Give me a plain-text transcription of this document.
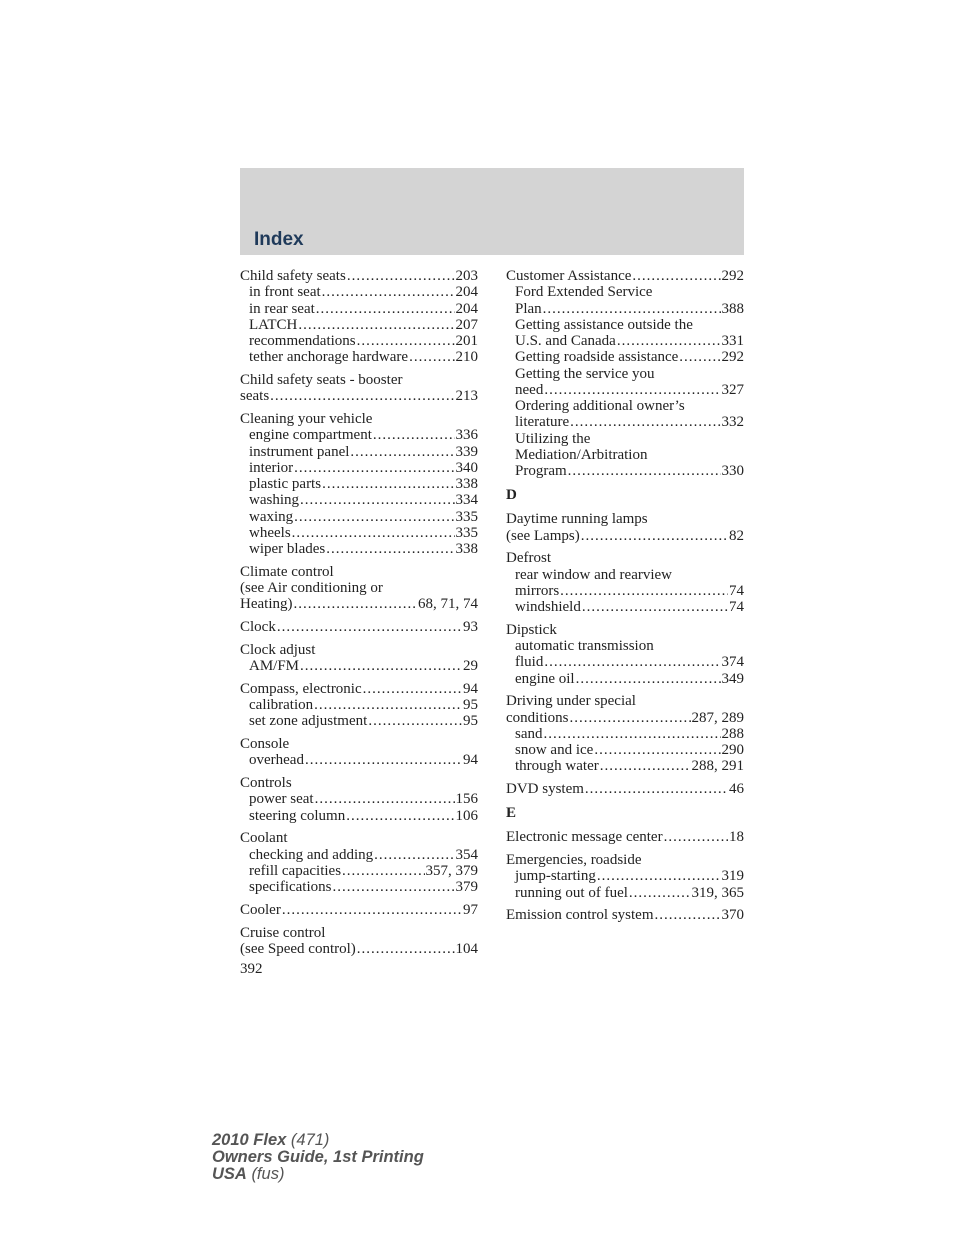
Index
Child safety seats .....	203
in front seat .....	204
in rear seat .....	204
LATCH .....	207
recommendations .....	201
tether anchorage hardware .....	210
Child safety seats - booster
seats .....	213
Cleaning your vehicle
engine compartment .....	336
instrument panel .....	339
interior .....	340
plastic parts .....	338
washing .....	334
waxing .....	335
wheels .....	335
wiper blades .....	338
Climate control
(see Air conditioning or
Heating) .....	68, 71, 74
Clock .....	93
Clock adjust
AM/FM .....	29
Compass, electronic .....	94
calibration .....	95
set zone adjustment .....	95
Console
overhead .....	94
Controls
power seat .....	156
steering column .....	106
Coolant
checking and adding .....	354
refill capacities .....	357, 379
specifications .....	379
Cooler .....	97
Cruise control
(see Speed control) .....	104
Customer Assistance .....	292
Ford Extended Service
Plan .....	388
Getting assistance outside the
U.S. and Canada .....	331
Getting roadside assistance .....	292
Getting the service you
need .....	327
Ordering additional owner’s
literature .....	332
Utilizing the
Mediation/Arbitration
Program .....	330
D
Daytime running lamps
(see Lamps) .....	82
Defrost
rear window and rearview
mirrors .....	74
windshield .....	74
Dipstick
automatic transmission
fluid .....	374
engine oil .....	349
Driving under special
conditions .....	287, 289
sand .....	288
snow and ice .....	290
through water .....	288, 291
DVD system .....	46
E
Electronic message center .....	18
Emergencies, roadside
jump-starting .....	319
running out of fuel .....	319, 365
Emission control system .....	370
392
2010 Flex (471)
Owners Guide, 1st Printing
USA (fus)
